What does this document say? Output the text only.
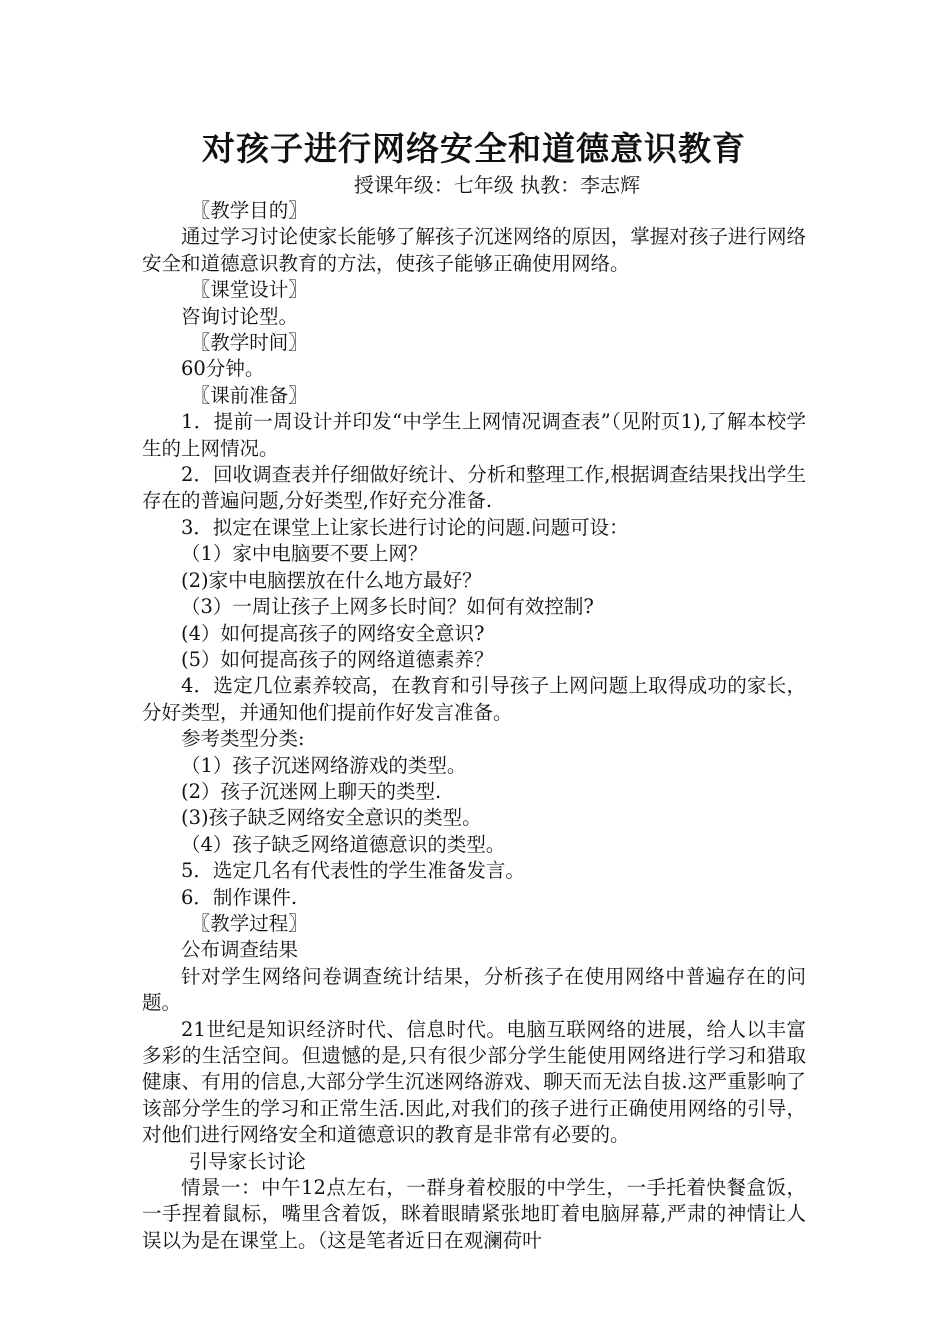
对孩子进行网络安全和道德意识教育

授课年级：七年级 执教：李志辉

〖教学目的〗

通过学习讨论使家长能够了解孩子沉迷网络的原因，掌握对孩子进行网络安全和道德意识教育的方法，使孩子能够正确使用网络。

〖课堂设计〗

咨询讨论型。

〖教学时间〗

60分钟。

〖课前准备〗

1．提前一周设计并印发“中学生上网情况调查表”（见附页1),了解本校学生的上网情况。

2．回收调查表并仔细做好统计、分析和整理工作,根据调查结果找出学生存在的普遍问题,分好类型,作好充分准备.

3．拟定在课堂上让家长进行讨论的问题.问题可设：

（1）家中电脑要不要上网？

(2)家中电脑摆放在什么地方最好？

（3）一周让孩子上网多长时间？如何有效控制?

(4）如何提高孩子的网络安全意识?

(5）如何提高孩子的网络道德素养？

4．选定几位素养较高，在教育和引导孩子上网问题上取得成功的家长，分好类型，并通知他们提前作好发言准备。

参考类型分类:

（1）孩子沉迷网络游戏的类型。

(2）孩子沉迷网上聊天的类型.

(3)孩子缺乏网络安全意识的类型。

（4）孩子缺乏网络道德意识的类型。

5．选定几名有代表性的学生准备发言。

6．制作课件.

〖教学过程〗

公布调查结果

针对学生网络问卷调查统计结果，分析孩子在使用网络中普遍存在的问题。

21世纪是知识经济时代、信息时代。电脑互联网络的进展，给人以丰富多彩的生活空间。但遗憾的是,只有很少部分学生能使用网络进行学习和猎取健康、有用的信息,大部分学生沉迷网络游戏、聊天而无法自拔.这严重影响了该部分学生的学习和正常生活.因此,对我们的孩子进行正确使用网络的引导，对他们进行网络安全和道德意识的教育是非常有必要的。

引导家长讨论

情景一：中午12点左右，一群身着校服的中学生，一手托着快餐盒饭，一手捏着鼠标，嘴里含着饭，眯着眼睛紧张地盯着电脑屏幕,严肃的神情让人误以为是在课堂上。（这是笔者近日在观澜荷叶
